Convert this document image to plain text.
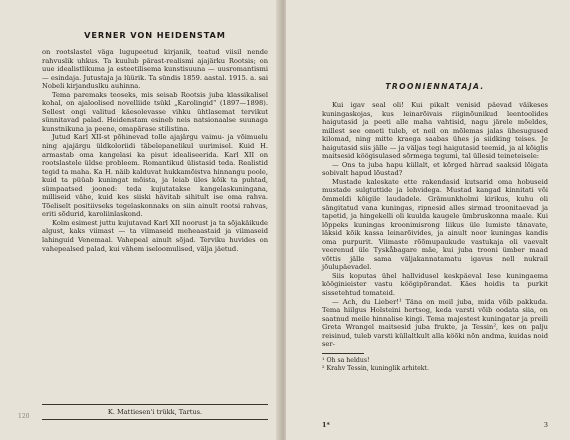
VERNER VON HEIDENSTAM

on rootslastel väga lugupeetud kirjanik, teatud viisil nende rahvuslik uhkus. Ta kuulub pärast-realismi ajajärku Rootsis; on uue idealistlikuma ja esteetilisema kunstisuuna — uusromantismi — esindaja. Jutustaja ja lüürik. Ta sündis 1859. aastal. 1915. a. sai Nobeli kirjanduslku auhinna.

Tema paremaks teoseks, mis seisab Rootsis juba klassikalisel kohal, on ajaloolised novelliide tsükl „Karolingid“ (1897—1898). Sellest ongi valitud käesolevasse vihku ühtlasemat tervikut sünnitavad palad. Heidenstam esineb neis natsionaalse suunaga kunstnikuna ja peene, omapärase stilistina.

Jutud Karl XII-st põhinevad tolle ajajärgu vaimu- ja võimuelu ning ajajärgu üldkoloriidi täbelepanelikul uurimisel. Kuid H. armastab oma kangelasi ka pisut idealiseerida. Karl XII on rootslastele üldse probleem. Romantikud ülistasid teda. Realistid tegid ta maha. Ka H. näib kalduvat hukkamõistva hinnangu poole, kuid ta püüab kuningat mõista, ja leiab üles kõik ta puhtad, sümpaatsed jooned: teda kujutatakse kangelaskuningana, milliseid vähe, kuid kes siiski hävitab sihitult ise oma rahva. Tõeliselt positiivseks tegelaskonnaks on siin ainult rootsi rahvas, eriti sõdurid, karoliinlaskond.

Kolm esimest juttu kujutavad Karl XII noorust ja ta sõjakäikude algust, kaks viimast — ta viimaseid meheaastaid ja viimaseid lahinguid Venemaal. Vahepeal ainult sõjad. Terviku huvides on vahepealsed palad, kui vähem iseloomulised, välja jäetud.

120
K. Mattiesen'i trükk, Tartus.
TROONIENNATAJA.

Kui igav seal oli! Kui pikalt venisid päevad väikeses kuningaskojas, kus leinarõivais riiginõunikud leentoolides haigutasid ja peeti alle maha vahtisid, nagu järele mõeldes, millest see ometi tuleb, et neil on mõlemas jalas ühesugused kilomad, ning mitte kraega saabas ühes ja siidking teises. Je haigutasid siis jälle — ja väljas tegi haigutasid teemid, ja al kõiglis maitsesid köögisulased sõrmega tegumi, tal üllesid teineteisele:

— Ons ta juba hapu küllalt, et kõrged härrad saaksid lõigata sobivalt hapud lõustad?

Mustade kaleskate ette rakendasid kutsarid oma hobuseid mustade sulgtuttide ja lehvidega. Mustad kangad kinnitati või õmmeldi kõigile laudadele. Grämunkholmi kirikus, kuhu oli sängitatud vana kuningas, ripnesid alles sirmad troonitaevad ja tapetid, ja hingekelli oli kuulda kaugele ümbruskonna maale. Kui lõppeks kuningas kroonimisrong liikus üle lumiste tänavate, läksid kõik kassa leinarõivides, ja ainult noor kuningas kandis oma purpurit. Viimaste rõõmupaukude vastukaja oli vaevalt veerenud üle Tyskåbagare mäe, kui juba trooni ümber maad võttis jälle sama väljakannatamatu igavus nell nukrail jõulupäevadel.

Siis koputas ühel hallvidusel keskpäeval Iese kuningaema kööginieister vastu köögipõrandat. Käes hoidis ta purkit sissetehtud tomateid.

— Ach, du Lieber!¹ Täna on meil juba, mida võib pakkuda. Tema hiilgus Holsteini hertsog, keda varsti võib oodata siia, on saatnud meile hinnalise kingi. Tema majestest kuningatar ja preili Greta Wrangel maitsesid juba frukte, ja Tessin², kes on palju reisinud, tuleb varsti küllaltkult alla köõki nõn andma, kuidas noid ser-

¹ Oh sa heldus!

² Krahv Tessin, kuninglik arhitekt.

1*	3
